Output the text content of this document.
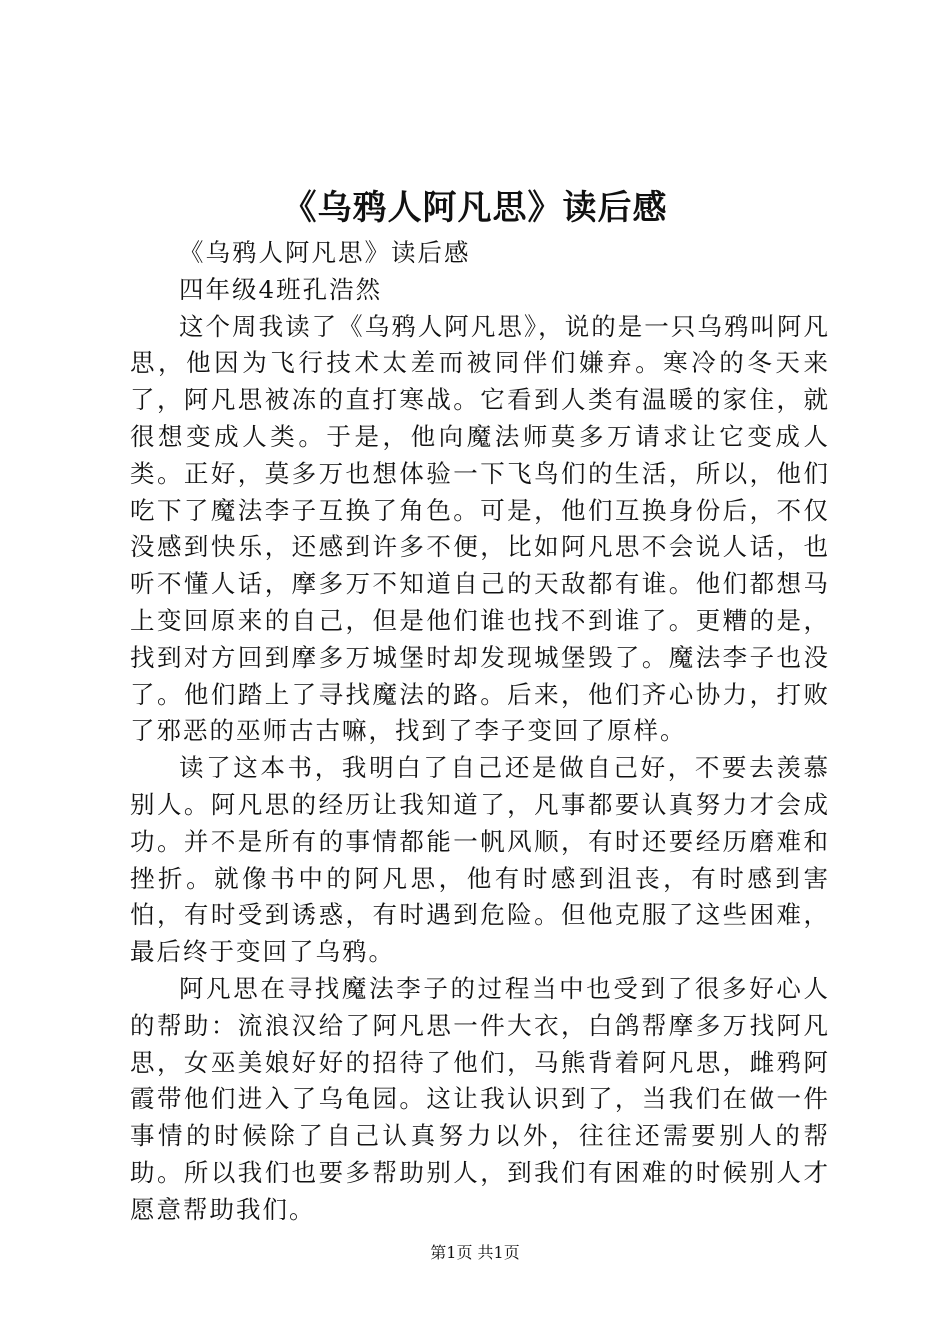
《乌鸦人阿凡思》读后感

《乌鸦人阿凡思》读后感

四年级4班孔浩然

这个周我读了《乌鸦人阿凡思》，说的是一只乌鸦叫阿凡思，他因为飞行技术太差而被同伴们嫌弃。寒冷的冬天来了，阿凡思被冻的直打寒战。它看到人类有温暖的家住，就很想变成人类。于是，他向魔法师莫多万请求让它变成人类。正好，莫多万也想体验一下飞鸟们的生活，所以，他们吃下了魔法李子互换了角色。可是，他们互换身份后，不仅没感到快乐，还感到许多不便，比如阿凡思不会说人话，也听不懂人话，摩多万不知道自己的天敌都有谁。他们都想马上变回原来的自己，但是他们谁也找不到谁了。更糟的是，找到对方回到摩多万城堡时却发现城堡毁了。魔法李子也没了。他们踏上了寻找魔法的路。后来，他们齐心协力，打败了邪恶的巫师古古嘛，找到了李子变回了原样。

读了这本书，我明白了自己还是做自己好，不要去羡慕别人。阿凡思的经历让我知道了，凡事都要认真努力才会成功。并不是所有的事情都能一帆风顺，有时还要经历磨难和挫折。就像书中的阿凡思，他有时感到沮丧，有时感到害怕，有时受到诱惑，有时遇到危险。但他克服了这些困难，最后终于变回了乌鸦。

阿凡思在寻找魔法李子的过程当中也受到了很多好心人的帮助：流浪汉给了阿凡思一件大衣，白鸽帮摩多万找阿凡思，女巫美娘好好的招待了他们，马熊背着阿凡思，雌鸦阿霞带他们进入了乌龟园。这让我认识到了，当我们在做一件事情的时候除了自己认真努力以外，往往还需要别人的帮助。所以我们也要多帮助别人，到我们有困难的时候别人才愿意帮助我们。

第1页 共1页
